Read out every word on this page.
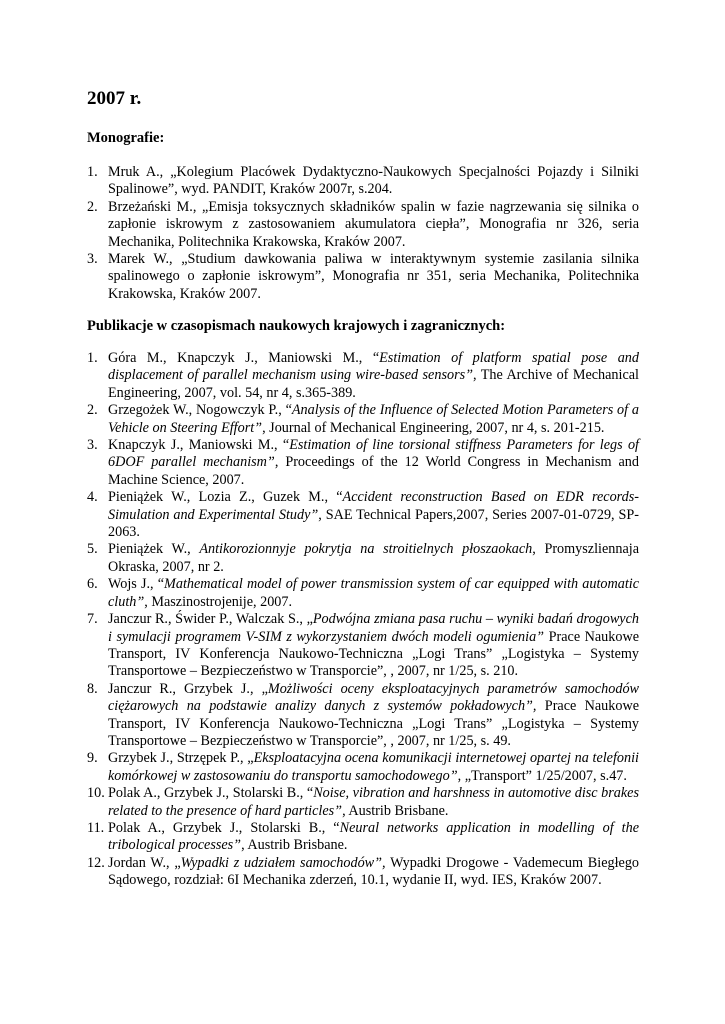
2007 r.
Monografie:
1. Mruk A., „Kolegium Placówek Dydaktyczno-Naukowych Specjalności Pojazdy i Silniki Spalinowe”, wyd. PANDIT, Kraków 2007r, s.204.
2. Brzeżański M., „Emisja toksycznych składników spalin w fazie nagrzewania się silnika o zapłonie iskrowym z zastosowaniem akumulatora ciepła”, Monografia nr 326, seria Mechanika, Politechnika Krakowska, Kraków 2007.
3. Marek W., „Studium dawkowania paliwa w interaktywnym systemie zasilania silnika spalinowego o zapłonie iskrowym”, Monografia nr 351, seria Mechanika, Politechnika Krakowska, Kraków 2007.
Publikacje w czasopismach naukowych krajowych i zagranicznych:
1. Góra M., Knapczyk J., Maniowski M., “Estimation of platform spatial pose and displacement of parallel mechanism using wire-based sensors”, The Archive of Mechanical Engineering, 2007, vol. 54, nr 4, s.365-389.
2. Grzegożek W., Nogowczyk P., “Analysis of the Influence of Selected Motion Parameters of a Vehicle on Steering Effort”, Journal of Mechanical Engineering, 2007, nr 4, s. 201-215.
3. Knapczyk J., Maniowski M., “Estimation of line torsional stiffness Parameters for legs of 6DOF parallel mechanism”, Proceedings of the 12 World Congress in Mechanism and Machine Science, 2007.
4. Pieniążek W., Lozia Z., Guzek M., “Accident reconstruction Based on EDR records-Simulation and Experimental Study”, SAE Technical Papers,2007, Series 2007-01-0729, SP-2063.
5. Pieniążek W., Antikorozionnyje pokrytja na stroitielnych płoszaokach, Promyszliennaja Okraska, 2007, nr 2.
6. Wojs J., “Mathematical model of power transmission system of car equipped with automatic cluth”, Maszinostrojenije, 2007.
7. Janczur R., Świder P., Walczak S., „Podwójna zmiana pasa ruchu – wyniki badań drogowych i symulacji programem V-SIM z wykorzystaniem dwóch modeli ogumienia” Prace Naukowe Transport, IV Konferencja Naukowo-Techniczna „Logi Trans” „Logistyka – Systemy Transportowe – Bezpieczeństwo w Transporcie”, , 2007, nr 1/25, s. 210.
8. Janczur R., Grzybek J., „Możliwości oceny eksploatacyjnych parametrów samochodów ciężarowych na podstawie analizy danych z systemów pokładowych”, Prace Naukowe Transport, IV Konferencja Naukowo-Techniczna „Logi Trans” „Logistyka – Systemy Transportowe – Bezpieczeństwo w Transporcie”, , 2007, nr 1/25, s. 49.
9. Grzybek J., Strzępek P., „Eksploatacyjna ocena komunikacji internetowej opartej na telefonii komórkowej w zastosowaniu do transportu samochodowego”, „Transport” 1/25/2007, s.47.
10. Polak A., Grzybek J., Stolarski B., “Noise, vibration and harshness in automotive disc brakes related to the presence of hard particles”, Austrib Brisbane.
11. Polak A., Grzybek J., Stolarski B., “Neural networks application in modelling of the tribological processes”, Austrib Brisbane.
12. Jordan W., „Wypadki z udziałem samochodów”, Wypadki Drogowe - Vademecum Biegłego Sądowego, rozdział: 6I Mechanika zderzeń, 10.1, wydanie II, wyd. IES, Kraków 2007.
